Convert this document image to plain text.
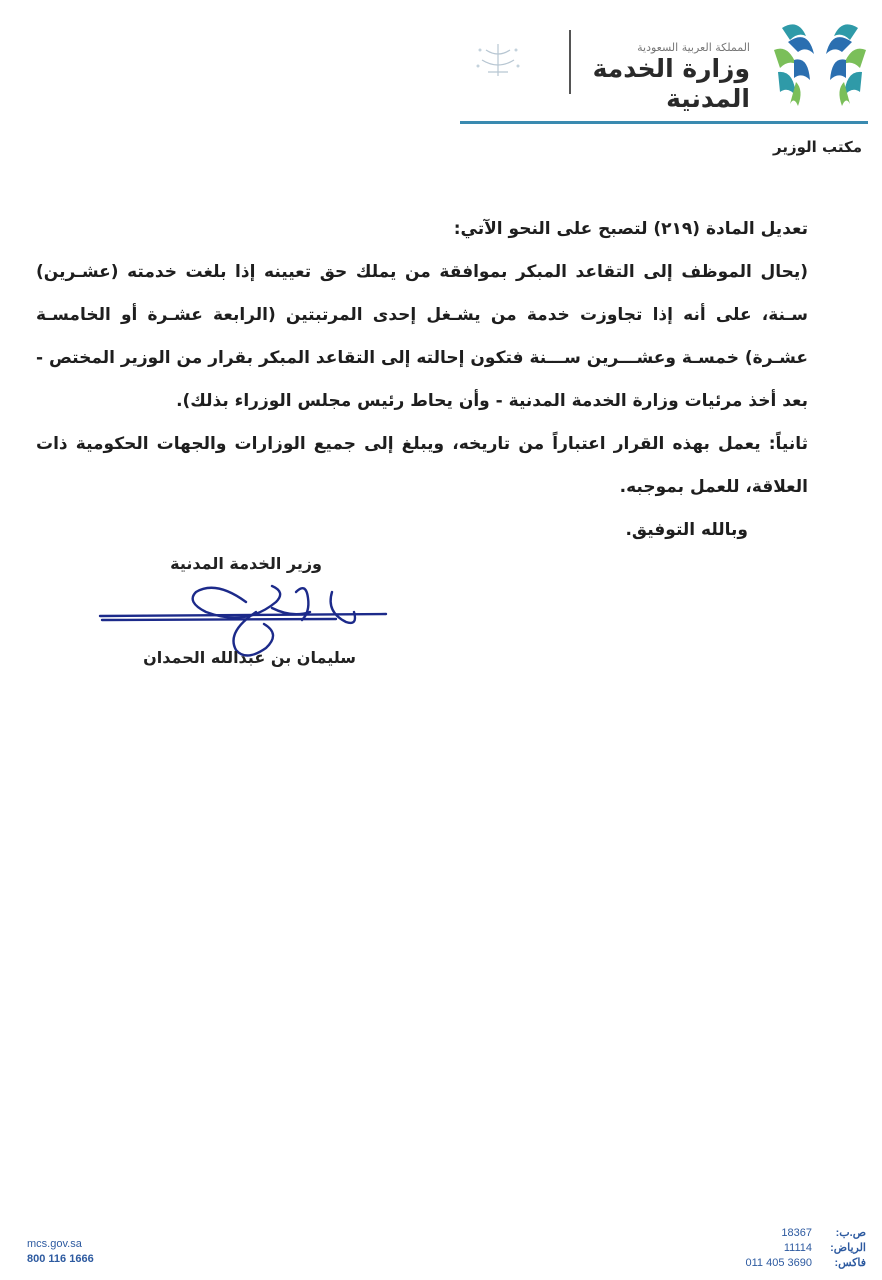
المملكة العربية السعودية
وزارة الخدمة المدنية
مكتب الوزير

تعديل المادة (٢١٩) لتصبح على النحو الآتي:

(يحال الموظف إلى التقاعد المبكر بموافقة من يملك حق تعيينه إذا بلغت خدمته (عشـرين) سـنة، على أنه إذا تجاوزت خدمة من يشـغل إحدى المرتبتين (الرابعة عشـرة أو الخامسـة عشـرة) خمسـة وعشـــرين ســـنة فتكون إحالته إلى التقاعد المبكر بقرار من الوزير المختص - بعد أخذ مرئيات وزارة الخدمة المدنية - وأن يحاط رئيس مجلس الوزراء بذلك).

ثانياً: يعمل بهذه القرار اعتباراً من تاريخه، ويبلغ إلى جميع الوزارات والجهات الحكومية ذات العلاقة، للعمل بموجبه.

وبالله التوفيق.

وزير الخدمة المدنية
سليمان بن عبدالله الحمدان
mcs.gov.sa
800 116 1666
18367	ص.ب:
11114	الرياض:
011 405 3690	فاكس:
